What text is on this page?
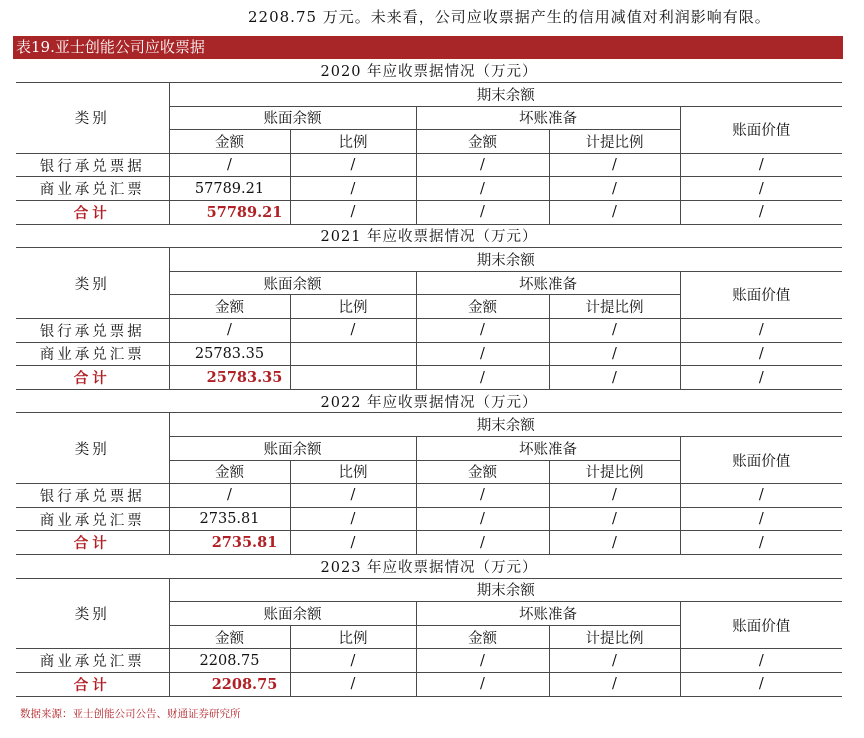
2208.75 万元。未来看，公司应收票据产生的信用减值对利润影响有限。
表19.亚士创能公司应收票据
2020 年应收票据情况（万元）					
类别	期末余额				
	账面余额		坏账准备		账面价值
	金额	比例	金额	计提比例	
银行承兑票据	/	/	/	/	/
商业承兑汇票	57789.21	/	/	/	/
合计	57789.21	/	/	/	/
2021 年应收票据情况（万元）					
类别	期末余额				
	账面余额		坏账准备		账面价值
	金额	比例	金额	计提比例	
银行承兑票据	/	/	/	/	/
商业承兑汇票	25783.35		/	/	/
合计	25783.35		/	/	/
2022 年应收票据情况（万元）					
类别	期末余额				
	账面余额		坏账准备		账面价值
	金额	比例	金额	计提比例	
银行承兑票据	/	/	/	/	/
商业承兑汇票	2735.81	/	/	/	/
合计	2735.81	/	/	/	/
2023 年应收票据情况（万元）					
类别	期末余额				
	账面余额		坏账准备		账面价值
	金额	比例	金额	计提比例	
商业承兑汇票	2208.75	/	/	/	/
合计	2208.75	/	/	/	/
数据来源：亚士创能公司公告、财通证券研究所
